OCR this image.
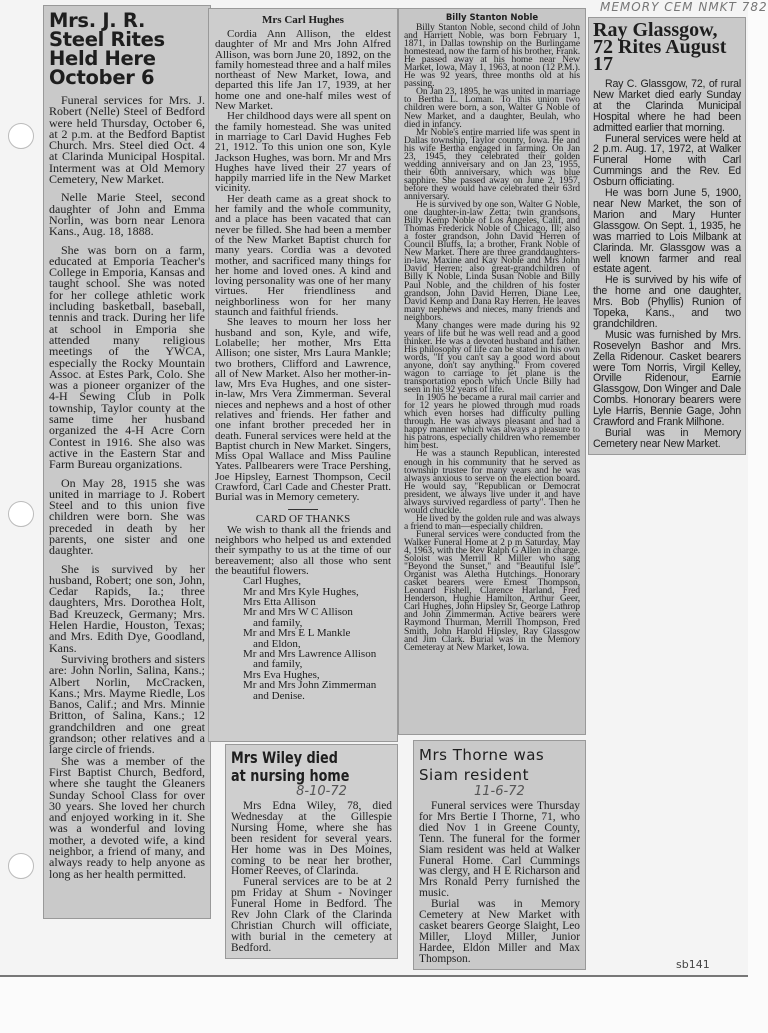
Mrs. J. R. Steel Rites Held Here October 6

Funeral services for Mrs. J. Robert (Nelle) Steel of Bedford were held Thursday, October 6, at 2 p.m. at the Bedford Baptist Church. Mrs. Steel died Oct. 4 at Clarinda Municipal Hospital. Interment was at Old Memory Cemetery, New Market.

Nelle Marie Steel, second daughter of John and Emma Norlin, was born near Lenora Kans., Aug. 18, 1888.

She was born on a farm, educated at Emporia Teacher's College in Emporia, Kansas and taught school. She was noted for her college athletic work including basketball, baseball, tennis and track. During her life at school in Emporia she attended many religious meetings of the YWCA, especially the Rocky Mountain Assoc. at Estes Park, Colo. She was a pioneer organizer of the 4-H Sewing Club in Polk township, Taylor county at the same time her husband organized the 4-H Acre Corn Contest in 1916. She also was active in the Eastern Star and Farm Bureau organizations.

On May 28, 1915 she was united in marriage to J. Robert Steel and to this union five children were born. She was preceded in death by her parents, one sister and one daughter.

She is survived by her husband, Robert; one son, John, Cedar Rapids, Ia.; three daughters, Mrs. Dorothea Holt, Bad Kreuzeck, Germany; Mrs. Helen Hardie, Houston, Texas; and Mrs. Edith Dye, Goodland, Kans.

Surviving brothers and sisters are: John Norlin, Salina, Kans.; Albert Norlin, McCracken, Kans.; Mrs. Mayme Riedle, Los Banos, Calif.; and Mrs. Minnie Britton, of Salina, Kans.; 12 grandchildren and one great grandson; other relatives and a large circle of friends.

She was a member of the First Baptist Church, Bedford, where she taught the Gleaners Sunday School Class for over 30 years. She loved her church and enjoyed working in it. She was a wonderful and loving mother, a devoted wife, a kind neighbor, a friend of many, and always ready to help anyone as long as her health permitted.

Mrs Carl Hughes

Cordia Ann Allison, the eldest daughter of Mr and Mrs John Alfred Allison, was born June 20, 1892, on the family homestead three and a half miles northeast of New Market, Iowa, and departed this life Jan 17, 1939, at her home one and one-half miles west of New Market.

Her childhood days were all spent on the family homestead. She was united in marriage to Carl David Hughes Feb 21, 1912. To this union one son, Kyle Jackson Hughes, was born. Mr and Mrs Hughes have lived their 27 years of happily married life in the New Market vicinity.

Her death came as a great shock to her family and the whole community, and a place has been vacated that can never be filled. She had been a member of the New Market Baptist church for many years. Cordia was a devoted mother, and sacrificed many things for her home and loved ones. A kind and loving personality was one of her many virtues. Her friendliness and neighborliness won for her many staunch and faithful friends.

She leaves to mourn her loss her husband and son, Kyle, and wife, Lolabelle; her mother, Mrs Etta Allison; one sister, Mrs Laura Mankle; two brothers, Clifford and Lawrence, all of New Market. Also her mother-in-law, Mrs Eva Hughes, and one sister-in-law, Mrs Vera Zimmerman. Several nieces and nephews and a host of other relatives and friends. Her father and one infant brother preceded her in death. Funeral services were held at the Baptist church in New Market. Singers, Miss Opal Wallace and Miss Pauline Yates. Pallbearers were Trace Pershing, Joe Hipsley, Earnest Thompson, Cecil Crawford, Carl Cade and Chester Pratt. Burial was in Memory cemetery.

CARD OF THANKS

We wish to thank all the friends and neighbors who helped us and extended their sympathy to us at the time of our bereavement; also all those who sent the beautiful flowers.

Carl Hughes,

Mr and Mrs Kyle Hughes,

Mrs Etta Allison

Mr and Mrs W C Allison

and family,

Mr and Mrs E L Mankle

and Eldon,

Mr and Mrs Lawrence Allison

and family,

Mrs Eva Hughes,

Mr and Mrs John Zimmerman

and Denise.

Mrs Wiley died
at nursing home
8-10-72

Mrs Edna Wiley, 78, died Wednesday at the Gillespie Nursing Home, where she has been resident for several years. Her home was in Des Moines, coming to be near her brother, Homer Reeves, of Clarinda.

Funeral services are to be at 2 pm Friday at Shum - Novinger Funeral Home in Bedford. The Rev John Clark of the Clarinda Christian Church will officiate, with burial in the cemetery at Bedford.

Billy Stanton Noble

Billy Stanton Noble, second child of John and Harriett Noble, was born February 1, 1871, in Dallas township on the Burlingame homestead, now the farm of his brother, Frank. He passed away at his home near New Market, Iowa, May 1, 1963, at noon (12 P.M.). He was 92 years, three months old at his passing.

On Jan 23, 1895, he was united in marriage to Bertha L. Loman. To this union two children were born, a son, Walter G Noble of New Market, and a daughter, Beulah, who died in infancy.

Mr Noble's entire married life was spent in Dallas township, Taylor county, Iowa. He and his wife Bertha engaged in farming. On Jan 23, 1945, they celebrated their golden wedding anniversary and on Jan 23, 1955, their 60th anniversary, which was blue sapphire. She passed away on June 2, 1957, before they would have celebrated their 63rd anniversary.

He is survived by one son, Walter G Noble, one daughter-in-law Zetta; twin grandsons, Billy Kemp Noble of Los Angeles, Calif, and Thomas Frederick Noble of Chicago, Ill; also a foster grandson, John David Herren of Council Bluffs, Ia; a brother, Frank Noble of New Market. There are three granddaughters-in-law, Maxine and Kay Noble and Mrs John David Herren; also great-grandchildren of Billy K Noble, Linda Susan Noble and Billy Paul Noble, and the children of his foster grandson, John David Herren, Diane Lee, David Kemp and Dana Ray Herren. He leaves many nephews and nieces, many friends and neighbors.

Many changes were made during his 92 years of life but he was well read and a good thinker. He was a devoted husband and father. His philosophy of life can be stated in his own words, "If you can't say a good word about anyone, don't say anything." From covered wagon to carriage to jet plane is the transportation epoch which Uncle Billy had seen in his 92 years of life.

In 1905 he became a rural mail carrier and for 12 years he plowed through mud roads which even horses had difficulty pulling through. He was always pleasant and had a happy manner which was always a pleasure to his patrons, especially children who remember him best.

He was a staunch Republican, interested enough in his community that he served as township trustee for many years and he was always anxious to serve on the election board. He would say, "Republican or Democrat president, we always live under it and have always survived regardless of party". Then he would chuckle.

He lived by the golden rule and was always a friend to man—especially children.

Funeral services were conducted from the Walker Funeral Home at 2 p m Saturday, May 4, 1963, with the Rev Ralph G Allen in charge. Soloist was Merrill R Miller who sang "Beyond the Sunset," and "Beautiful Isle". Organist was Aletha Hutchings. Honorary casket bearers were Ernest Thompson, Leonard Fishell, Clarence Harland, Fred Henderson, Hughie Hamilton, Arthur Geer, Carl Hughes, John Hipsley Sr, George Lathrop and John Zimmerman. Active bearers were Raymond Thurman, Merrill Thompson, Fred Smith, John Harold Hipsley, Ray Glassgow and Jim Clark. Burial was in the Memory Cemeteray at New Market, Iowa.

Ray Glassgow, 72 Rites August 17

Ray C. Glassgow, 72, of rural New Market died early Sunday at the Clarinda Municipal Hospital where he had been admitted earlier that morning.

Funeral services were held at 2 p.m. Aug. 17, 1972, at Walker Funeral Home with Carl Cummings and the Rev. Ed Osburn officiating.

He was born June 5, 1900, near New Market, the son of Marion and Mary Hunter Glassgow. On Sept. 1, 1935, he was married to Lois Milbank at Clarinda. Mr. Glassgow was a well known farmer and real estate agent.

He is survived by his wife of the home and one daughter, Mrs. Bob (Phyllis) Runion of Topeka, Kans., and two grandchildren.

Music was furnished by Mrs. Rosevelyn Bashor and Mrs. Zella Ridenour. Casket bearers were Tom Norris, Virgil Kelley, Orville Ridenour, Earnie Glassgow, Don Winger and Dale Combs. Honorary bearers were Lyle Harris, Bennie Gage, John Crawford and Frank Milhone.

Burial was in Memory Cemetery near New Market.

Mrs Thorne was
Siam resident
11-6-72

Funeral services were Thursday for Mrs Bertie I Thorne, 71, who died Nov 1 in Greene County, Tenn. The funeral for the former Siam resident was held at Walker Funeral Home. Carl Cummings was clergy, and H E Richarson and Mrs Ronald Perry furnished the music.

Burial was in Memory Cemetery at New Market with casket bearers George Slaight, Leo Miller, Lloyd Miller, Junior Hardee, Eldon Miller and Max Thompson.

MEMORY CEM NMKT 782
sb141
